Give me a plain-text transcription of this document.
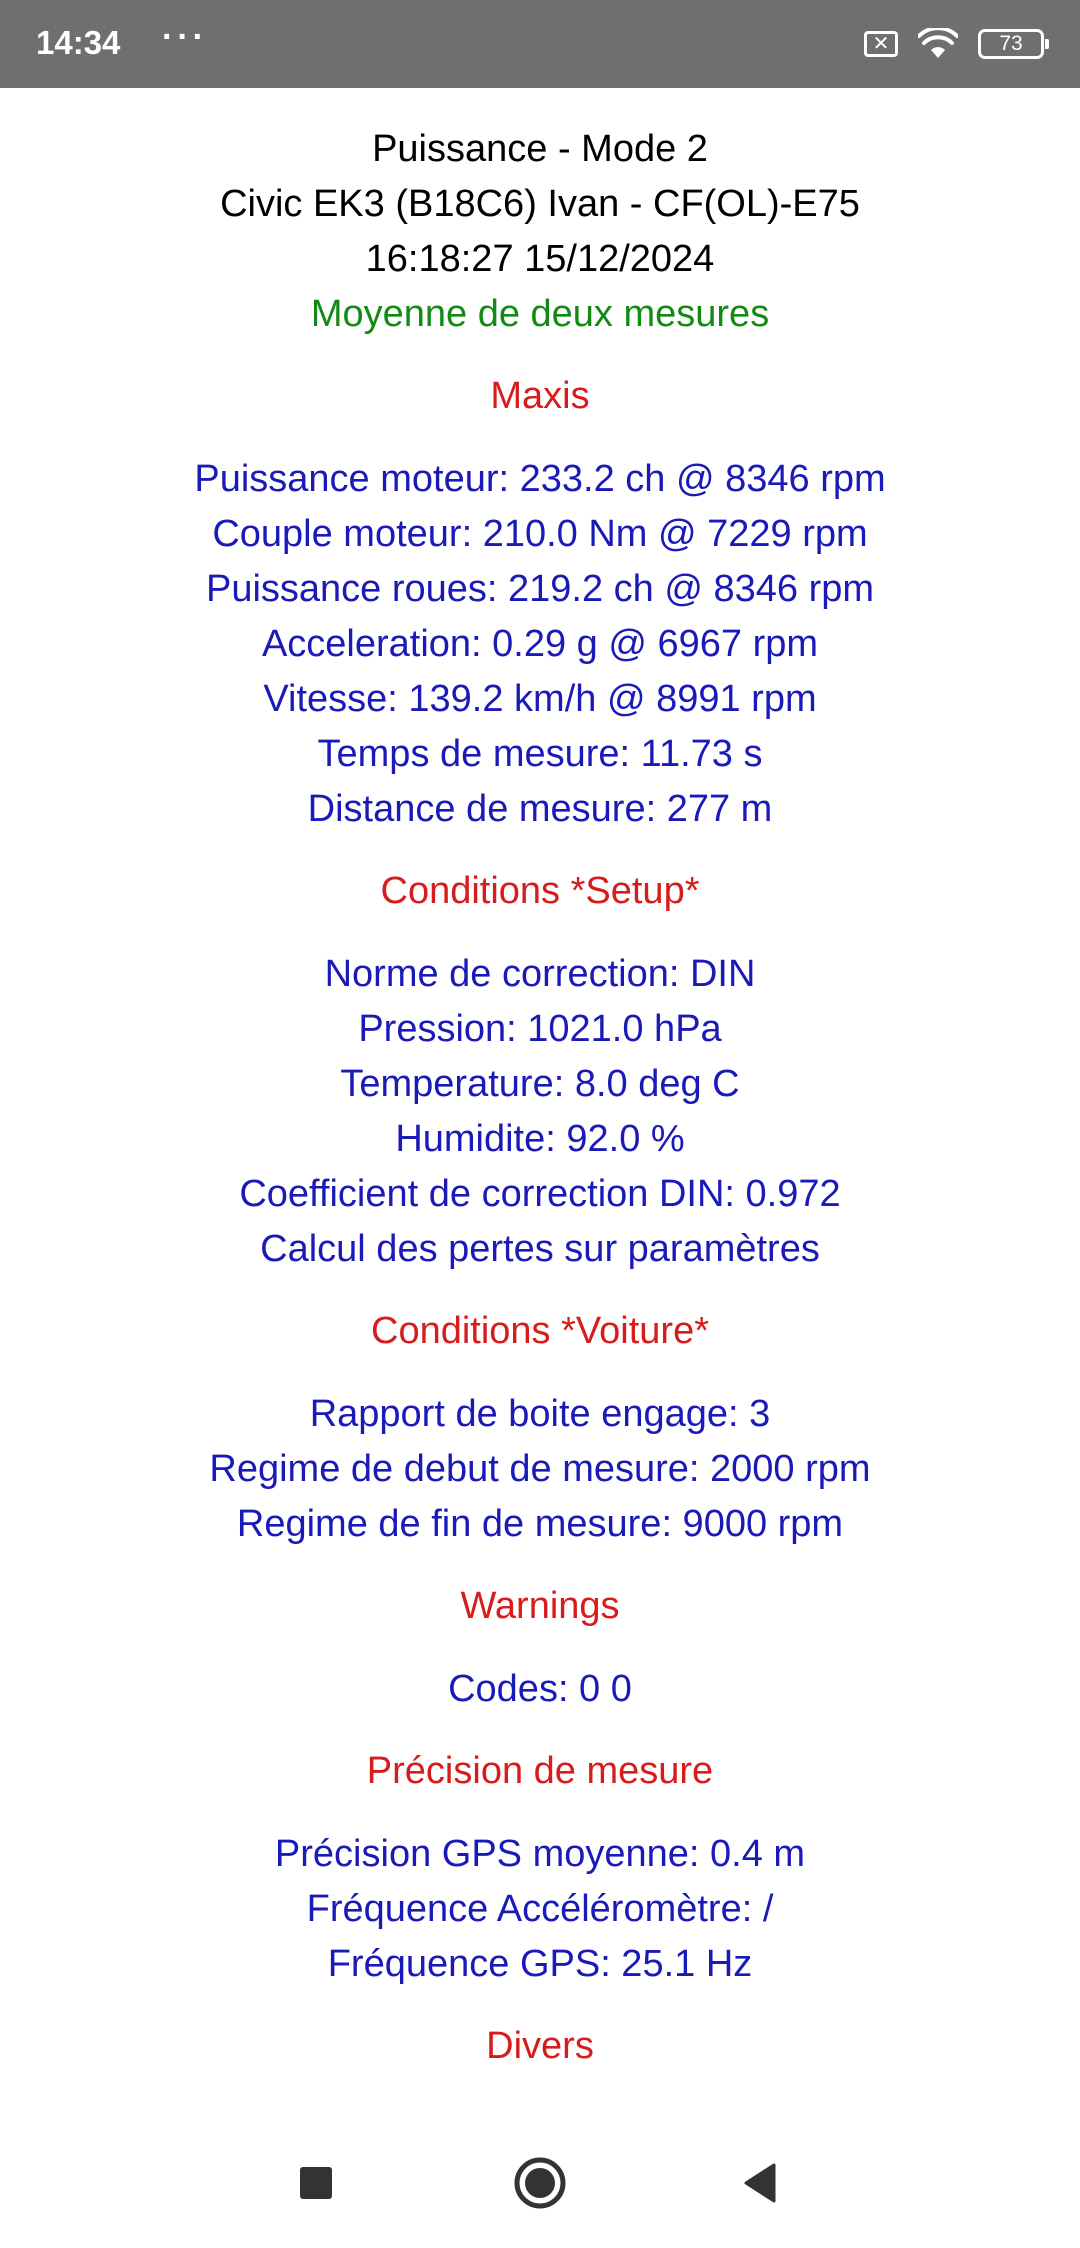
14:34 ···	✕	73
Puissance - Mode 2
Civic EK3 (B18C6) Ivan - CF(OL)-E75
16:18:27 15/12/2024
Moyenne de deux mesures
Maxis
Puissance moteur: 233.2 ch @ 8346 rpm
Couple moteur: 210.0 Nm @ 7229 rpm
Puissance roues: 219.2 ch @ 8346 rpm
Acceleration: 0.29 g @ 6967 rpm
Vitesse: 139.2 km/h @ 8991 rpm
Temps de mesure: 11.73 s
Distance de mesure: 277 m
Conditions *Setup*
Norme de correction: DIN
Pression: 1021.0 hPa
Temperature: 8.0 deg C
Humidite: 92.0 %
Coefficient de correction DIN: 0.972
Calcul des pertes sur paramètres
Conditions *Voiture*
Rapport de boite engage: 3
Regime de debut de mesure: 2000 rpm
Regime de fin de mesure: 9000 rpm
Warnings
Codes: 0 0
Précision de mesure
Précision GPS moyenne: 0.4 m
Fréquence Accéléromètre: /
Fréquence GPS: 25.1 Hz
Divers
